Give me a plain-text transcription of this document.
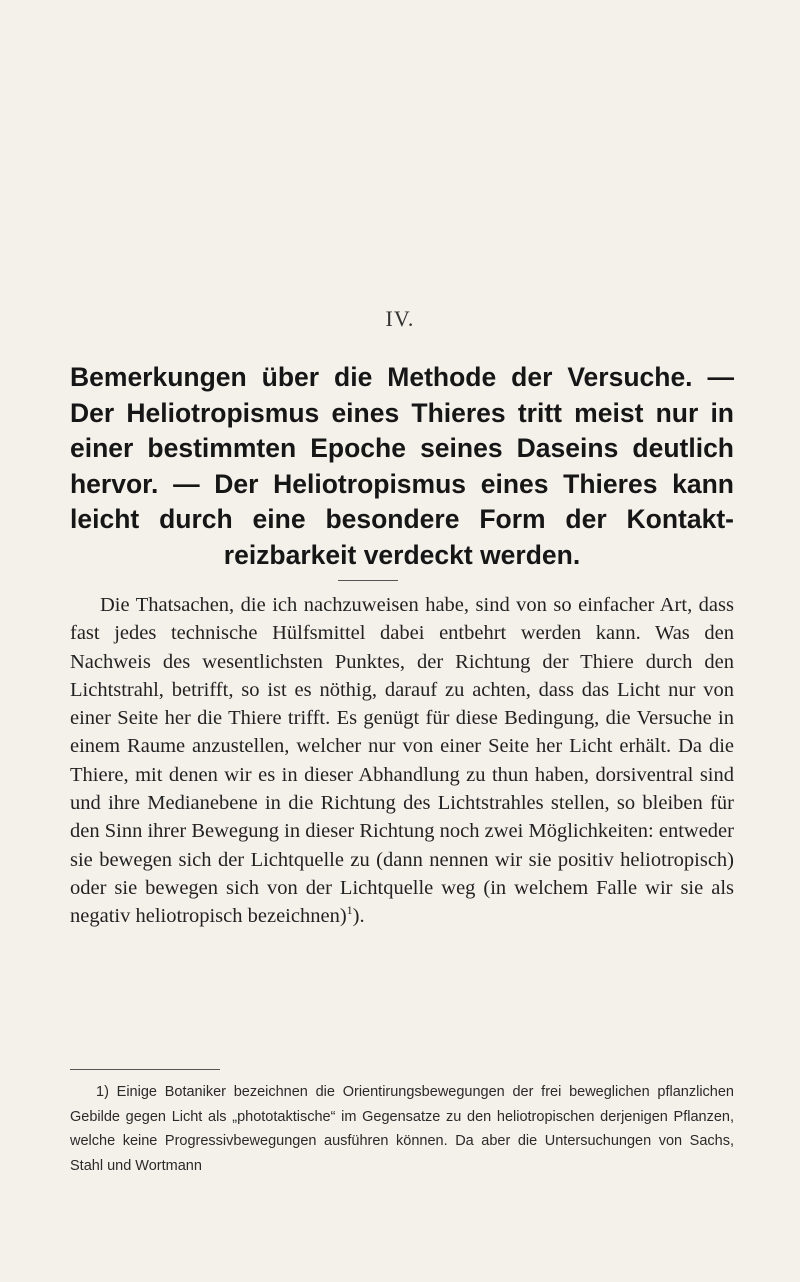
IV.
Bemerkungen über die Methode der Versuche. — Der Heliotropismus eines Thieres tritt meist nur in einer bestimmten Epoche seines Daseins deutlich hervor. — Der Heliotropismus eines Thieres kann leicht durch eine besondere Form der Kontakt- reizbarkeit verdeckt werden.
Die Thatsachen, die ich nachzuweisen habe, sind von so einfacher Art, dass fast jedes technische Hülfsmittel dabei entbehrt werden kann. Was den Nachweis des wesentlichsten Punktes, der Richtung der Thiere durch den Lichtstrahl, betrifft, so ist es nöthig, darauf zu achten, dass das Licht nur von einer Seite her die Thiere trifft. Es genügt für diese Bedingung, die Versuche in einem Raume anzustellen, welcher nur von einer Seite her Licht erhält. Da die Thiere, mit denen wir es in dieser Abhandlung zu thun haben, dorsiventral sind und ihre Medianebene in die Richtung des Lichtstrahles stellen, so bleiben für den Sinn ihrer Bewegung in dieser Richtung noch zwei Möglichkeiten: entweder sie bewegen sich der Lichtquelle zu (dann nennen wir sie positiv heliotropisch) oder sie bewegen sich von der Lichtquelle weg (in welchem Falle wir sie als negativ heliotropisch bezeichnen)$^1$).
1) Einige Botaniker bezeichnen die Orientirungsbewegungen der frei beweglichen pflanzlichen Gebilde gegen Licht als „phototaktische“ im Gegensatze zu den heliotropischen derjenigen Pflanzen, welche keine Progressivbewegungen ausführen können. Da aber die Untersuchungen von Sachs, Stahl und Wortmann
